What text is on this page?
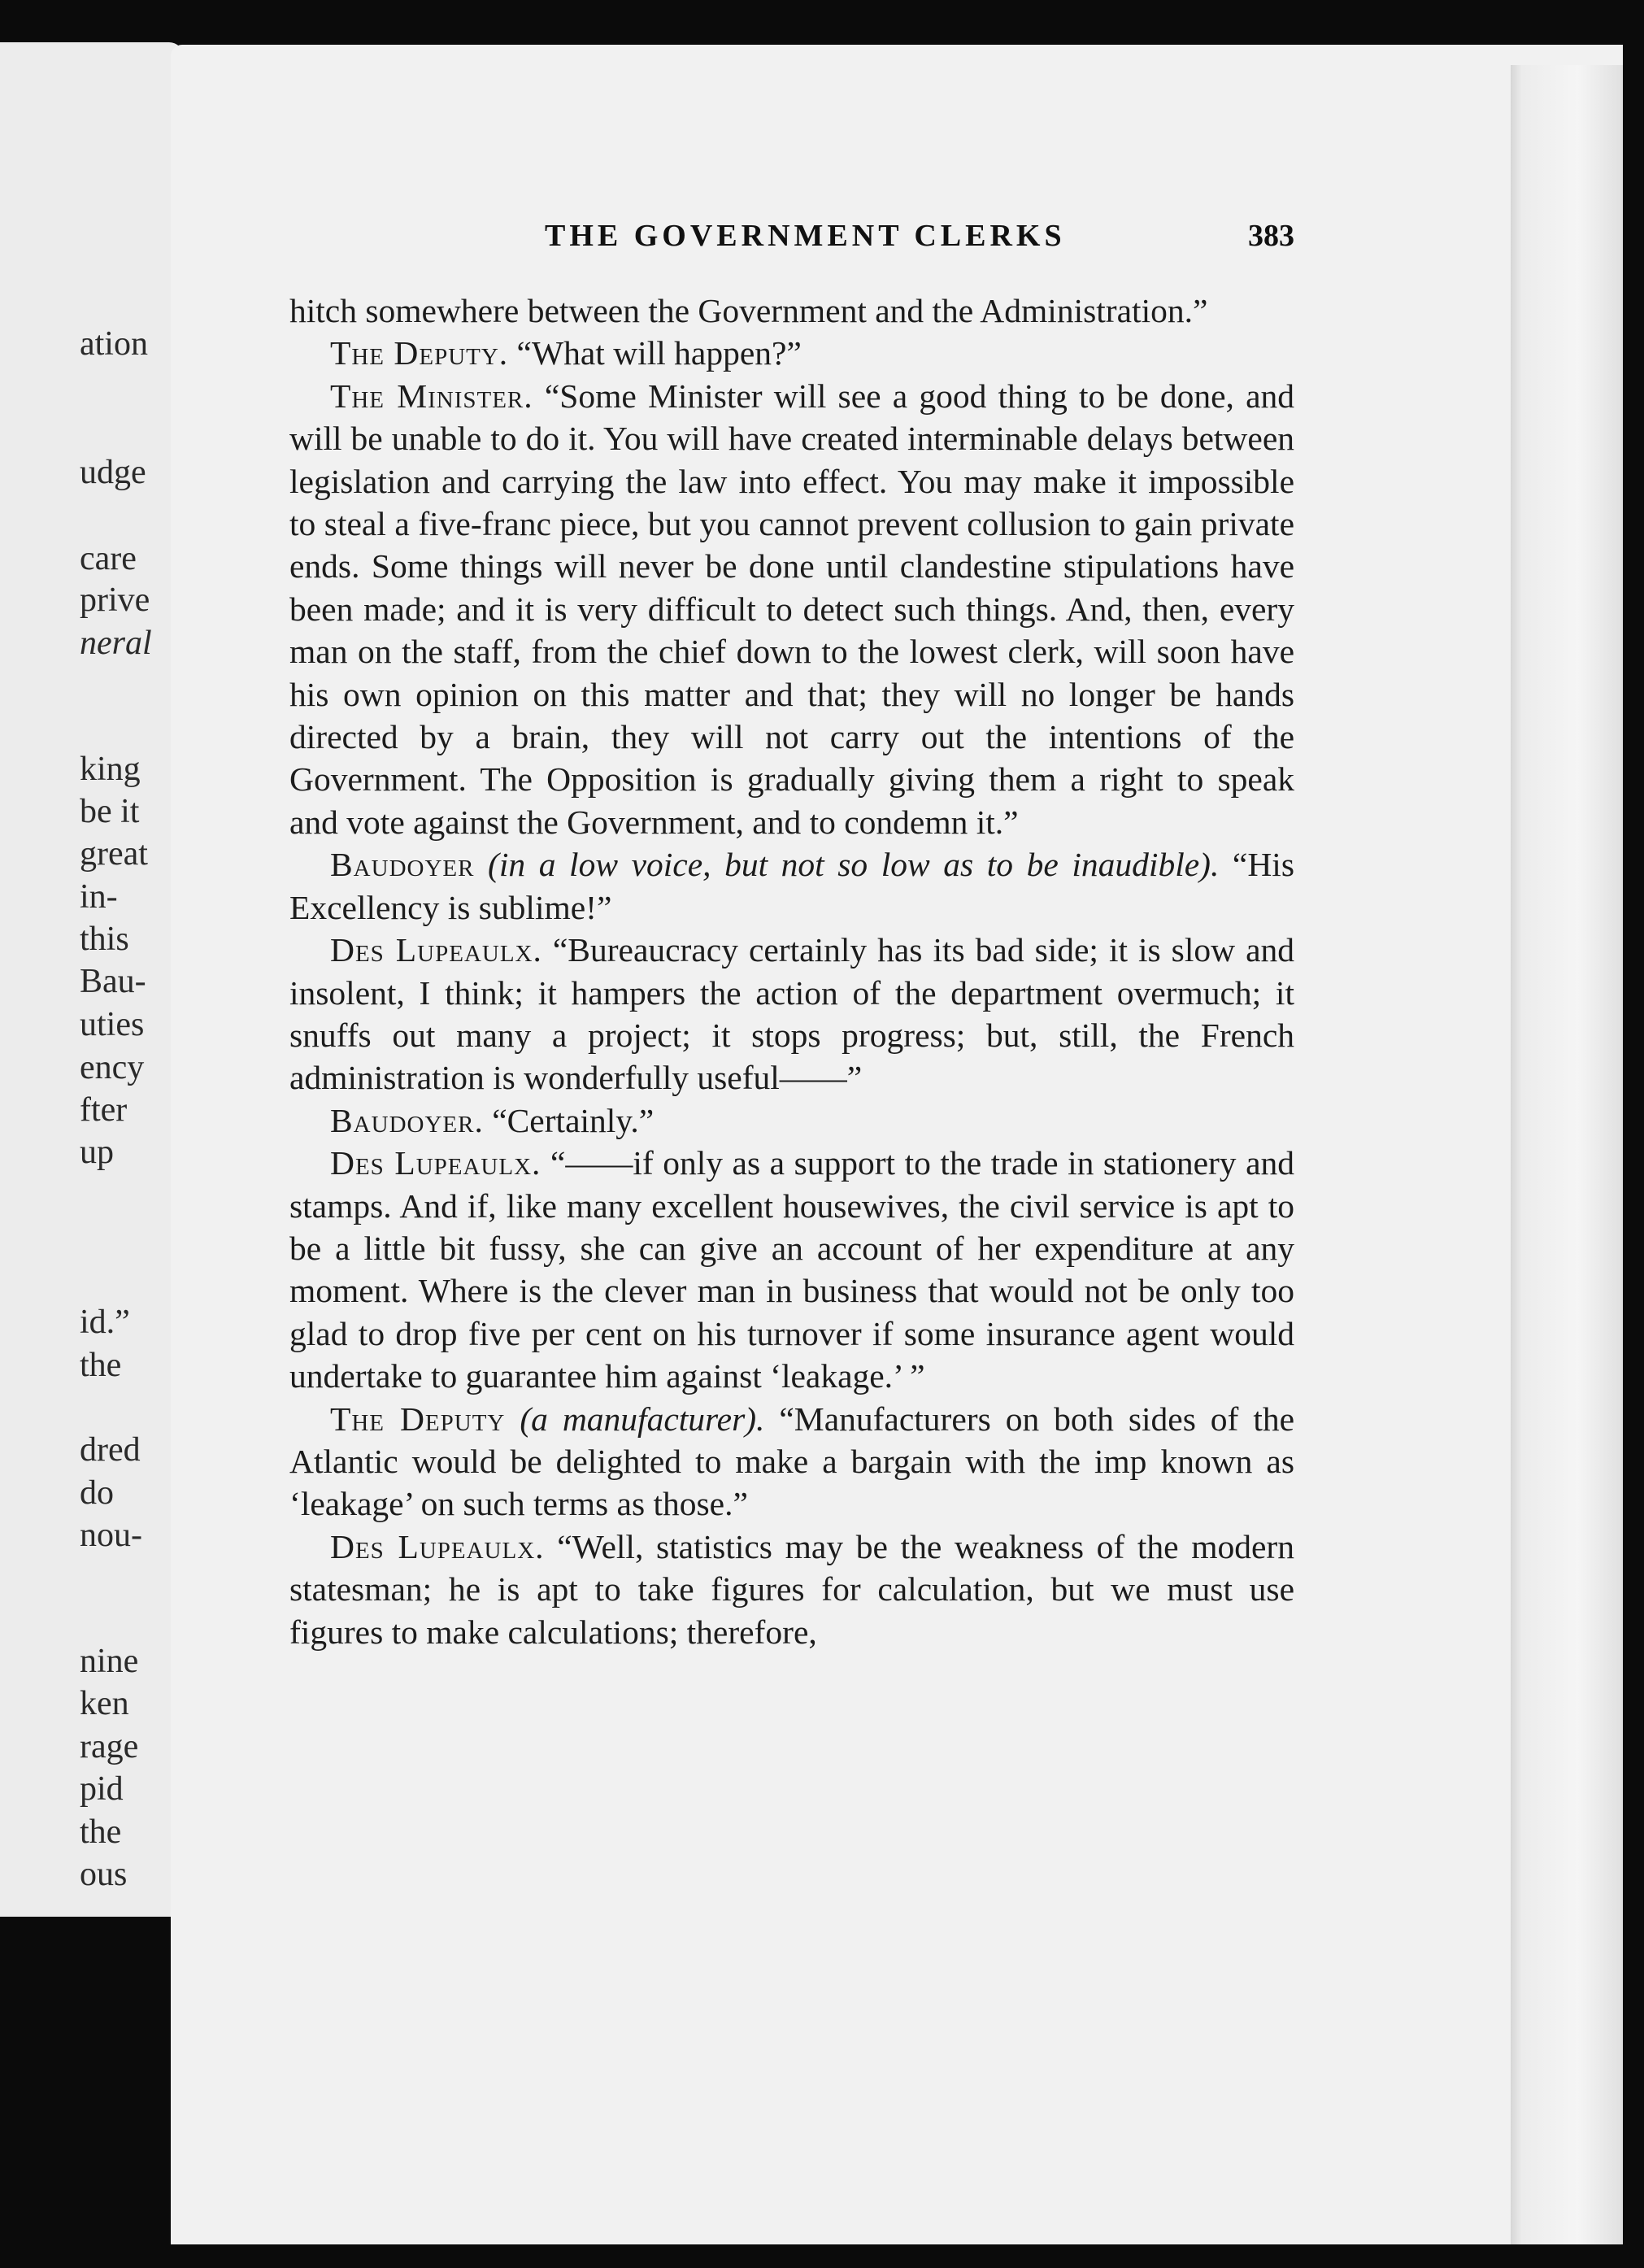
ation
udge
care
prive
neral
king
be it
great
in-
this
Bau-
uties
ency
fter
up
id.”
the
dred
do
nou-
nine
ken
rage
pid
the
ous
THE GOVERNMENT CLERKS	383

hitch somewhere between the Government and the Administration.”

The Deputy. “What will happen?”

The Minister. “Some Minister will see a good thing to be done, and will be unable to do it. You will have created interminable delays between legislation and carrying the law into effect. You may make it impossible to steal a five-franc piece, but you cannot prevent collusion to gain private ends. Some things will never be done until clandestine stipulations have been made; and it is very difficult to detect such things. And, then, every man on the staff, from the chief down to the lowest clerk, will soon have his own opinion on this matter and that; they will no longer be hands directed by a brain, they will not carry out the intentions of the Government. The Opposition is gradually giving them a right to speak and vote against the Government, and to condemn it.”

Baudoyer (in a low voice, but not so low as to be inaudible). “His Excellency is sublime!”

Des Lupeaulx. “Bureaucracy certainly has its bad side; it is slow and insolent, I think; it hampers the action of the department overmuch; it snuffs out many a project; it stops progress; but, still, the French administration is wonderfully useful——”

Baudoyer. “Certainly.”

Des Lupeaulx. “——if only as a support to the trade in stationery and stamps. And if, like many excellent housewives, the civil service is apt to be a little bit fussy, she can give an account of her expenditure at any moment. Where is the clever man in business that would not be only too glad to drop five per cent on his turnover if some insurance agent would undertake to guarantee him against ‘leakage.’ ”

The Deputy (a manufacturer). “Manufacturers on both sides of the Atlantic would be delighted to make a bargain with the imp known as ‘leakage’ on such terms as those.”

Des Lupeaulx. “Well, statistics may be the weakness of the modern statesman; he is apt to take figures for calculation, but we must use figures to make calculations; therefore,
